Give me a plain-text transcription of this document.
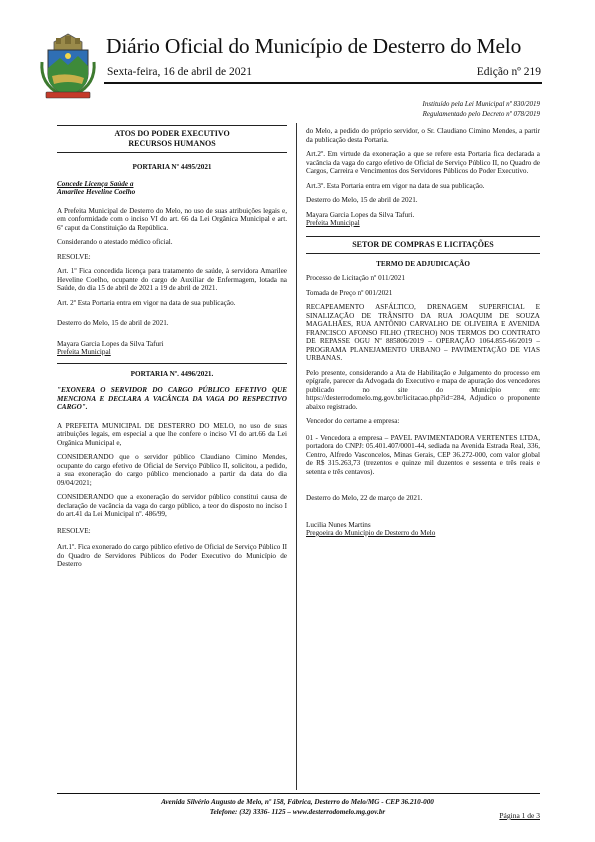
Diário Oficial do Município de Desterro do Melo
Sexta-feira, 16 de abril de 2021	Edição nº 219
Instituído pela Lei Municipal nº 830/2019
Regulamentado pelo Decreto nº 078/2019
ATOS DO PODER EXECUTIVO
RECURSOS HUMANOS
PORTARIA Nº 4495/2021
Concede Licença Saúde a
Amarilee Heveline Coelho
A Prefeita Municipal de Desterro do Melo, no uso de suas atribuições legais e, em conformidade com o inciso VI do art. 66 da Lei Orgânica Municipal e art. 6º caput da Constituição da República.
Considerando o atestado médico oficial.
RESOLVE:
Art. 1º Fica concedida licença para tratamento de saúde, à servidora Amarilee Heveline Coelho, ocupante do cargo de Auxiliar de Enfermagem, lotada na Saúde, do dia 15 de abril de 2021 a 19 de abril de 2021.
Art. 2º Esta Portaria entra em vigor na data de sua publicação.
Desterro do Melo, 15 de abril de 2021.
Mayara Garcia Lopes da Silva Tafuri
Prefeita Municipal
PORTARIA Nº. 4496/2021.
"EXONERA O SERVIDOR DO CARGO PÚBLICO EFETIVO QUE MENCIONA E DECLARA A VACÂNCIA DA VAGA DO RESPECTIVO CARGO".
A PREFEITA MUNICIPAL DE DESTERRO DO MELO, no uso de suas atribuições legais, em especial a que lhe confere o inciso VI do art.66 da Lei Orgânica Municipal e,
CONSIDERANDO que o servidor público Claudiano Cimino Mendes, ocupante do cargo efetivo de Oficial de Serviço Público II, solicitou, a pedido, a sua exoneração do cargo público mencionado a partir da data do dia 09/04/2021;
CONSIDERANDO que a exoneração do servidor público constitui causa de declaração de vacância da vaga do cargo público, a teor do disposto no inciso I do art.41 da Lei Municipal nº. 486/99,
RESOLVE:
Art.1º. Fica exonerado do cargo público efetivo de Oficial de Serviço Público II do Quadro de Servidores Públicos do Poder Executivo do Município de Desterro
do Melo, a pedido do próprio servidor, o Sr. Claudiano Cimino Mendes, a partir da publicação desta Portaria.
Art.2º. Em virtude da exoneração a que se refere esta Portaria fica declarada a vacância da vaga do cargo efetivo de Oficial de Serviço Público II, no Quadro de Cargos, Carreira e Vencimentos dos Servidores Públicos do Poder Executivo.
Art.3º. Esta Portaria entra em vigor na data de sua publicação.
Desterro do Melo, 15 de abril de 2021.
Mayara Garcia Lopes da Silva Tafuri.
Prefeita Municipal
SETOR DE COMPRAS E LICITAÇÕES
TERMO DE ADJUDICAÇÃO
Processo de Licitação nº 011/2021
Tomada de Preço nº 001/2021
RECAPEAMENTO ASFÁLTICO, DRENAGEM SUPERFICIAL E SINALIZAÇÃO DE TRÂNSITO DA RUA JOAQUIM DE SOUZA MAGALHÃES, RUA ANTÔNIO CARVALHO DE OLIVEIRA E AVENIDA FRANCISCO AFONSO FILHO (TRECHO) NOS TERMOS DO CONTRATO DE REPASSE OGU Nº 885806/2019 – OPERAÇÃO 1064.855-66/2019 – PROGRAMA PLANEJAMENTO URBANO – PAVIMENTAÇÃO DE VIAS URBANAS.
Pelo presente, considerando a Ata de Habilitação e Julgamento do processo em epígrafe, parecer da Advogada do Executivo e mapa de apuração dos vencedores publicado no site do Município em: https://desterrodomelo.mg.gov.br/licitacao.php?id=284, Adjudico o proponente abaixo registrado.
Vencedor do certame a empresa:
01 - Vencedora a empresa – PAVEL PAVIMENTADORA VERTENTES LTDA, portadora do CNPJ: 05.401.407/0001-44, sediada na Avenida Estrada Real, 336, Centro, Alfredo Vasconcelos, Minas Gerais, CEP 36.272-000, com valor global de R$ 315.263,73 (trezentos e quinze mil duzentos e sessenta e três reais e setenta e três centavos).
Desterro do Melo, 22 de março de 2021.
Lucilia Nunes Martins
Pregoeira do Município de Desterro do Melo
Avenida Silvério Augusto de Melo, nº 158, Fábrica, Desterro do Melo/MG - CEP 36.210-000
Telefone: (32) 3336- 1125 – www.desterrodomelo.mg.gov.br	Página 1 de 3
